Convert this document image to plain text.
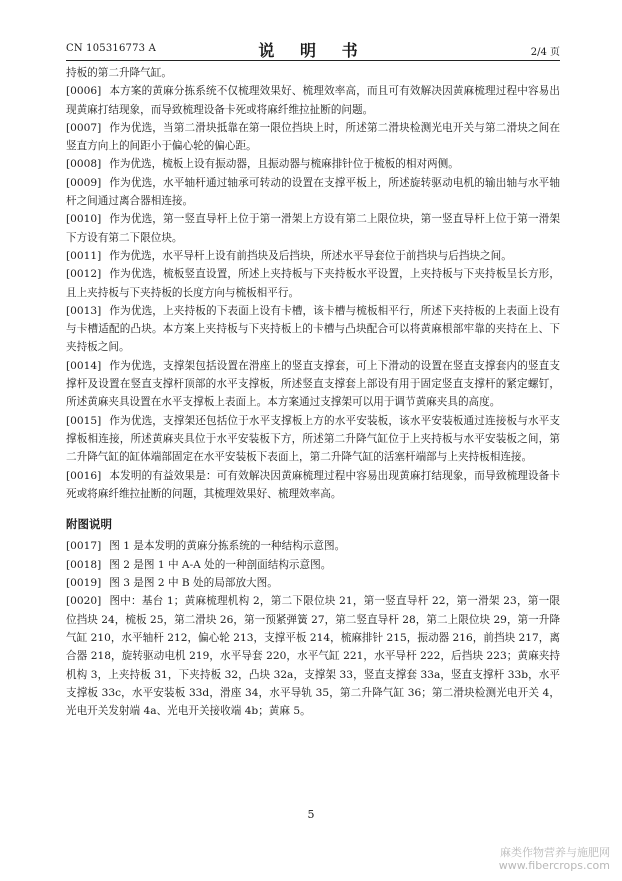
CN 105316773 A	说 明 书	2/4 页

持板的第二升降气缸。

[0006] 本方案的黄麻分拣系统不仅梳理效果好、梳理效率高，而且可有效解决因黄麻梳理过程中容易出现黄麻打结现象，而导致梳理设备卡死或将麻纤维拉扯断的问题。

[0007] 作为优选，当第二滑块抵靠在第一限位挡块上时，所述第二滑块检测光电开关与第二滑块之间在竖直方向上的间距小于偏心轮的偏心距。

[0008] 作为优选，梳板上设有振动器，且振动器与梳麻排针位于梳板的相对两侧。

[0009] 作为优选，水平轴杆通过轴承可转动的设置在支撑平板上，所述旋转驱动电机的输出轴与水平轴杆之间通过离合器相连接。

[0010] 作为优选，第一竖直导杆上位于第一滑架上方设有第二上限位块，第一竖直导杆上位于第一滑架下方设有第二下限位块。

[0011] 作为优选，水平导杆上设有前挡块及后挡块，所述水平导套位于前挡块与后挡块之间。

[0012] 作为优选，梳板竖直设置，所述上夹持板与下夹持板水平设置，上夹持板与下夹持板呈长方形，且上夹持板与下夹持板的长度方向与梳板相平行。

[0013] 作为优选，上夹持板的下表面上设有卡槽，该卡槽与梳板相平行，所述下夹持板的上表面上设有与卡槽适配的凸块。本方案上夹持板与下夹持板上的卡槽与凸块配合可以将黄麻根部牢靠的夹持在上、下夹持板之间。

[0014] 作为优选，支撑架包括设置在滑座上的竖直支撑套，可上下滑动的设置在竖直支撑套内的竖直支撑杆及设置在竖直支撑杆顶部的水平支撑板，所述竖直支撑套上部设有用于固定竖直支撑杆的紧定螺钉，所述黄麻夹具设置在水平支撑板上表面上。本方案通过支撑架可以用于调节黄麻夹具的高度。

[0015] 作为优选，支撑架还包括位于水平支撑板上方的水平安装板，该水平安装板通过连接板与水平支撑板相连接，所述黄麻夹具位于水平安装板下方，所述第二升降气缸位于上夹持板与水平安装板之间，第二升降气缸的缸体端部固定在水平安装板下表面上，第二升降气缸的活塞杆端部与上夹持板相连接。

[0016] 本发明的有益效果是：可有效解决因黄麻梳理过程中容易出现黄麻打结现象，而导致梳理设备卡死或将麻纤维拉扯断的问题，其梳理效果好、梳理效率高。

附图说明

[0017] 图 1 是本发明的黄麻分拣系统的一种结构示意图。

[0018] 图 2 是图 1 中 A-A 处的一种剖面结构示意图。

[0019] 图 3 是图 2 中 B 处的局部放大图。

[0020] 图中：基台 1；黄麻梳理机构 2，第二下限位块 21，第一竖直导杆 22，第一滑架 23，第一限位挡块 24，梳板 25，第二滑块 26，第一预紧弹簧 27，第二竖直导杆 28，第二上限位块 29，第一升降气缸 210，水平轴杆 212，偏心轮 213，支撑平板 214，梳麻排针 215，振动器 216，前挡块 217，离合器 218，旋转驱动电机 219，水平导套 220，水平气缸 221，水平导杆 222，后挡块 223；黄麻夹持机构 3，上夹持板 31，下夹持板 32，凸块 32a，支撑架 33，竖直支撑套 33a，竖直支撑杆 33b，水平支撑板 33c，水平安装板 33d，滑座 34，水平导轨 35，第二升降气缸 36；第二滑块检测光电开关 4，光电开关发射端 4a、光电开关接收端 4b；黄麻 5。

5
麻类作物营养与施肥网
www.fibercrops.com
